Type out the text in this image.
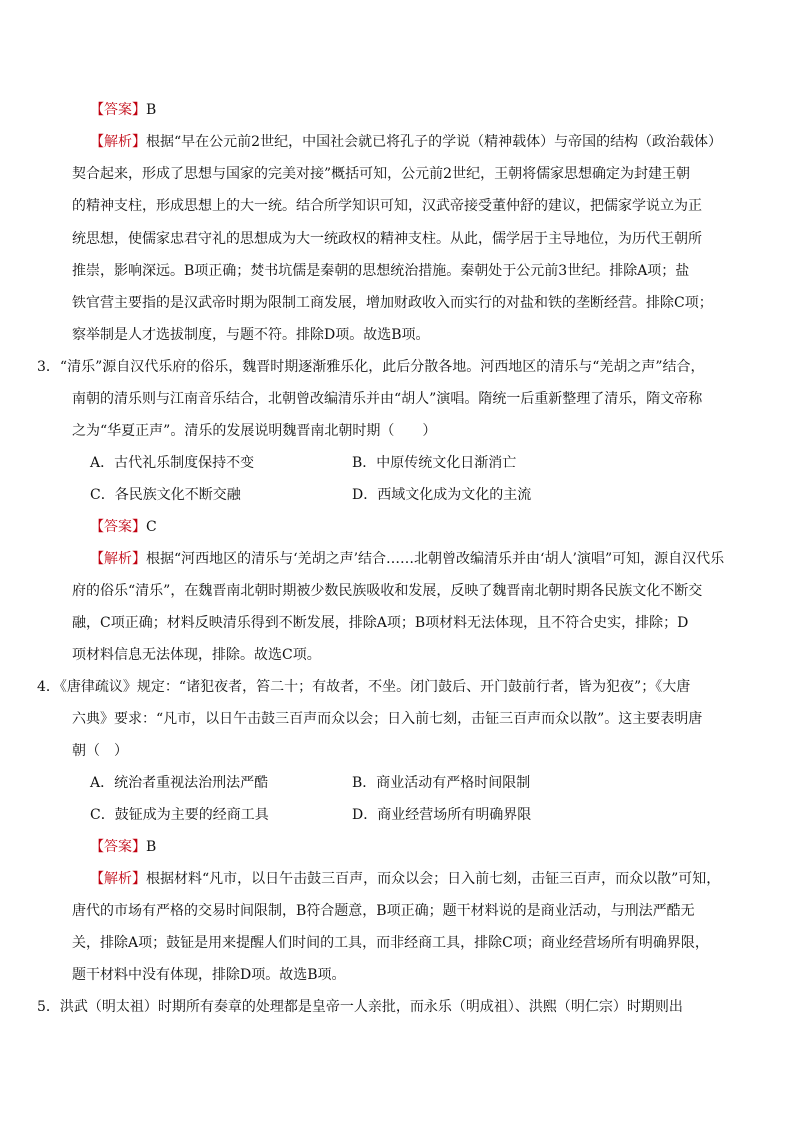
【答案】B
【解析】根据“早在公元前2世纪，中国社会就已将孔子的学说（精神载体）与帝国的结构（政治载体）
契合起来，形成了思想与国家的完美对接”概括可知，公元前2世纪，王朝将儒家思想确定为封建王朝
的精神支柱，形成思想上的大一统。结合所学知识可知，汉武帝接受董仲舒的建议，把儒家学说立为正
统思想，使儒家忠君守礼的思想成为大一统政权的精神支柱。从此，儒学居于主导地位，为历代王朝所
推崇，影响深远。B项正确；焚书坑儒是秦朝的思想统治措施。秦朝处于公元前3世纪。排除A项；盐
铁官营主要指的是汉武帝时期为限制工商发展，增加财政收入而实行的对盐和铁的垄断经营。排除C项；
察举制是人才选拔制度，与题不符。排除D项。故选B项。
3．“清乐”源自汉代乐府的俗乐，魏晋时期逐渐雅乐化，此后分散各地。河西地区的清乐与“羌胡之声”结合，
南朝的清乐则与江南音乐结合，北朝曾改编清乐并由“胡人”演唱。隋统一后重新整理了清乐，隋文帝称
之为“华夏正声”。清乐的发展说明魏晋南北朝时期（　　）
A．古代礼乐制度保持不变	B．中原传统文化日渐消亡
C．各民族文化不断交融	D．西域文化成为文化的主流
【答案】C
【解析】根据“河西地区的清乐与‘羌胡之声’结合……北朝曾改编清乐并由‘胡人’演唱”可知，源自汉代乐
府的俗乐“清乐”，在魏晋南北朝时期被少数民族吸收和发展，反映了魏晋南北朝时期各民族文化不断交
融，C项正确；材料反映清乐得到不断发展，排除A项；B项材料无法体现，且不符合史实，排除；D
项材料信息无法体现，排除。故选C项。
4．《唐律疏议》规定：“诸犯夜者，笞二十；有故者，不坐。闭门鼓后、开门鼓前行者，皆为犯夜”；《大唐
六典》要求：“凡市，以日午击鼓三百声而众以会；日入前七刻，击钲三百声而众以散”。这主要表明唐
朝（　）
A．统治者重视法治刑法严酷	B．商业活动有严格时间限制
C．鼓钲成为主要的经商工具	D．商业经营场所有明确界限
【答案】B
【解析】根据材料“凡市，以日午击鼓三百声，而众以会；日入前七刻，击钲三百声，而众以散”可知，
唐代的市场有严格的交易时间限制，B符合题意，B项正确；题干材料说的是商业活动，与刑法严酷无
关，排除A项；鼓钲是用来提醒人们时间的工具，而非经商工具，排除C项；商业经营场所有明确界限，
题干材料中没有体现，排除D项。故选B项。
5．洪武（明太祖）时期所有奏章的处理都是皇帝一人亲批，而永乐（明成祖）、洪熙（明仁宗）时期则出
